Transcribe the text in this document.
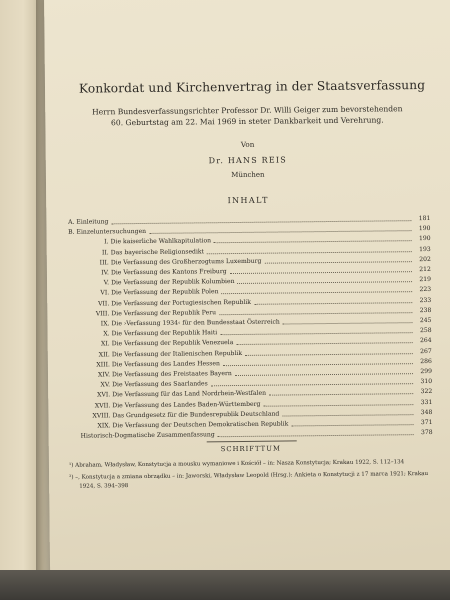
Konkordat und Kirchenvertrag in der Staatsverfassung
Herrn Bundesverfassungsrichter Professor Dr. Willi Geiger zum bevorstehenden
60. Geburtstag am 22. Mai 1969 in steter Dankbarkeit und Verehrung.
Von
Dr. HANS REIS
München
INHALT
A. Einleitung	181
B. Einzeluntersuchungen	190
I. Die kaiserliche Wahlkapitulation	190
II. Das bayerische Religionsedikt	193
III. Die Verfassung des Großherzogtums Luxemburg	202
IV. Die Verfassung des Kantons Freiburg	212
V. Die Verfassung der Republik Kolumbien	219
VI. Die Verfassung der Republik Polen	223
VII. Die Verfassung der Portugiesischen Republik	233
VIII. Die Verfassung der Republik Peru	238
IX. Die ›Verfassung 1934‹ für den Bundesstaat Österreich	245
X. Die Verfassung der Republik Haiti	258
XI. Die Verfassung der Republik Venezuela	264
XII. Die Verfassung der Italienischen Republik	267
XIII. Die Verfassung des Landes Hessen	286
XIV. Die Verfassung des Freistaates Bayern	299
XV. Die Verfassung des Saarlandes	310
XVI. Die Verfassung für das Land Nordrhein-Westfalen	322
XVII. Die Verfassung des Landes Baden-Württemberg	331
XVIII. Das Grundgesetz für die Bundesrepublik Deutschland	348
XIX. Die Verfassung der Deutschen Demokratischen Republik	371
Historisch-Dogmatische Zusammenfassung	378
SCHRIFTTUM
¹) Abraham, Władysław, Konstytucja a mousku wymaniowe i Kościół – in: Nasza Konstytucja; Krakau 1922, S. 112–134
²) –, Konstytucja a zmiana obrządku – in: Jaworski, Władysław Leopold (Hrsg.): Ankieta o Konstytucji z 17 marca 1921; Krakau 1924, S. 394–398
